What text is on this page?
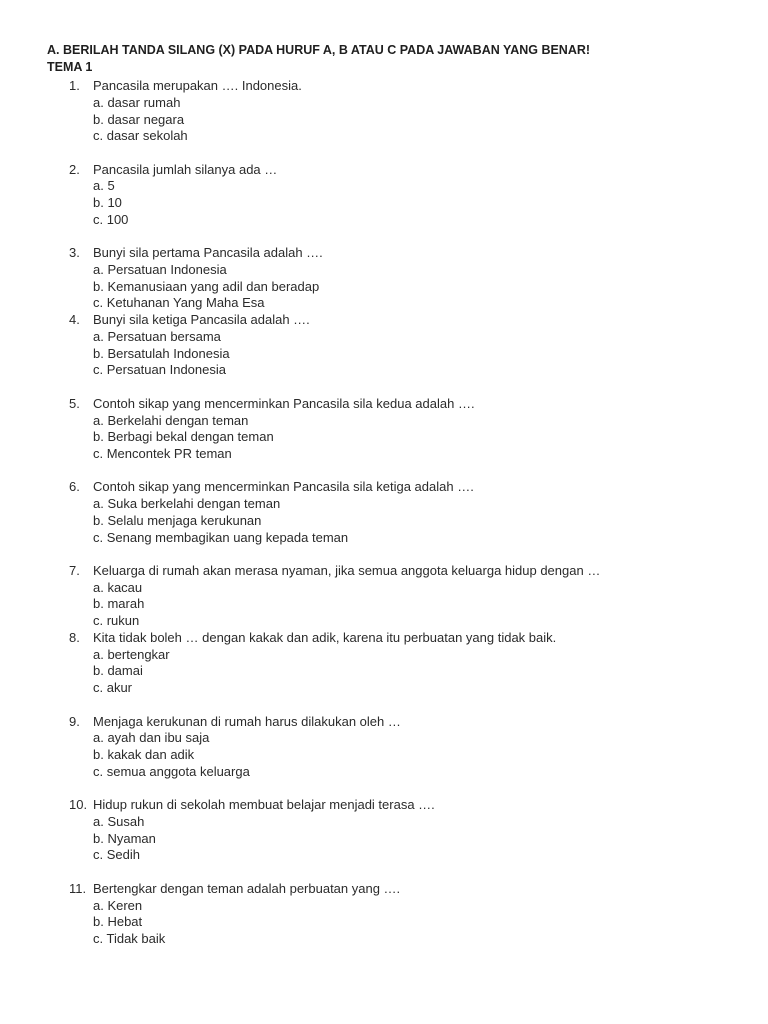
A. BERILAH TANDA SILANG (X) PADA HURUF A, B ATAU C PADA JAWABAN YANG BENAR!
TEMA 1
1. Pancasila merupakan …. Indonesia.
a. dasar rumah
b. dasar negara
c. dasar sekolah
2. Pancasila jumlah silanya ada …
a. 5
b. 10
c. 100
3. Bunyi sila pertama Pancasila adalah ….
a. Persatuan Indonesia
b. Kemanusiaan yang adil dan beradap
c. Ketuhanan Yang Maha Esa
4. Bunyi sila ketiga Pancasila adalah ….
a. Persatuan bersama
b. Bersatulah Indonesia
c. Persatuan Indonesia
5. Contoh sikap yang mencerminkan Pancasila sila kedua adalah ….
a. Berkelahi dengan teman
b. Berbagi bekal dengan teman
c. Mencontek PR teman
6. Contoh sikap yang mencerminkan Pancasila sila ketiga adalah ….
a. Suka berkelahi dengan teman
b. Selalu menjaga kerukunan
c. Senang membagikan uang kepada teman
7. Keluarga di rumah akan merasa nyaman, jika semua anggota keluarga hidup dengan …
a. kacau
b. marah
c. rukun
8. Kita tidak boleh … dengan kakak dan adik, karena itu perbuatan yang tidak baik.
a. bertengkar
b. damai
c. akur
9. Menjaga kerukunan di rumah harus dilakukan oleh …
a. ayah dan ibu saja
b. kakak dan adik
c. semua anggota keluarga
10. Hidup rukun di sekolah membuat belajar menjadi terasa ….
a. Susah
b. Nyaman
c. Sedih
11. Bertengkar dengan teman adalah perbuatan yang ….
a. Keren
b. Hebat
c. Tidak baik
